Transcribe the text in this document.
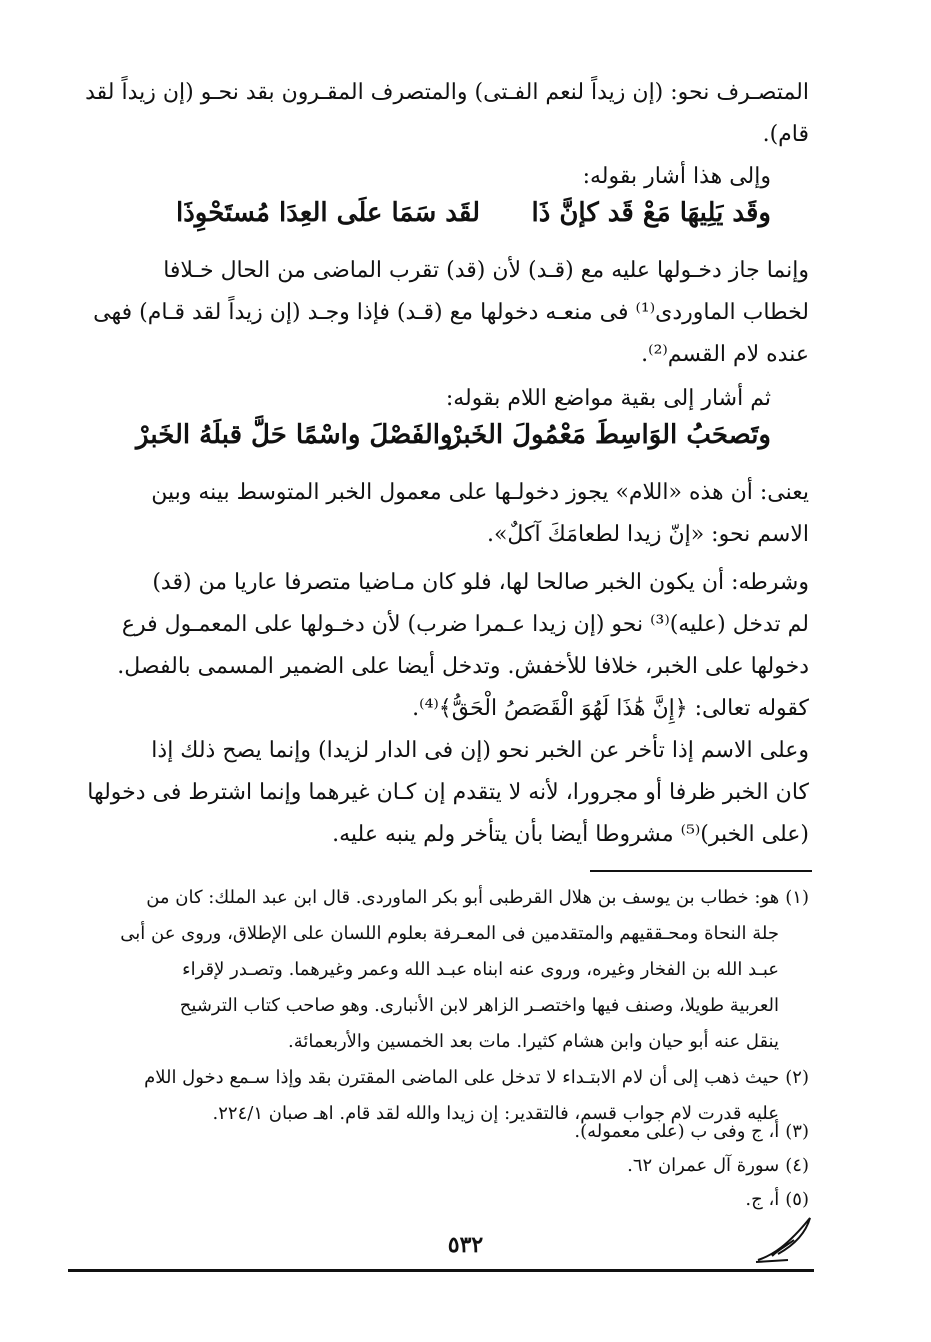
المتصـرف نحو: (إن زيداً لنعم الفـتى) والمتصرف المقـرون بقد نحـو (إن زيداً لقد
قام).
وإلى هذا أشار بقوله:
وقَد يَلِيهَا مَعْ قَد كإنَّ ذَا
لقَد سَمَا علَى العِدَا مُستَحْوِذَا
وإنما جاز دخـولها عليه مع (قـد) لأن (قد) تقرب الماضى من الحال خـلافا
لخطاب الماوردى⁽¹⁾ فى منعـه دخولها مع (قـد) فإذا وجـد (إن زيداً لقد قـام) فهى
عنده لام القسم⁽²⁾.
ثم أشار إلى بقية مواضع اللام بقوله:
وتَصحَبُ الوَاسِطَ مَعْمُولَ الخَبرْ
والفَصْلَ واسْمًا حَلَّ قبلَهُ الخَبرْ
يعنى: أن هذه «اللام» يجوز دخولـها على معمول الخبر المتوسط بينه وبين
الاسم نحو: «إنّ زيدا لطعامَكَ آكلٌ».
وشرطه: أن يكون الخبر صالحا لها، فلو كان مـاضيا متصرفا عاريا من (قد)
لم تدخل (عليه)⁽³⁾ نحو (إن زيدا عـمرا ضرب) لأن دخـولها على المعمـول فرع
دخولها على الخبر، خلافا للأخفش. وتدخل أيضا على الضمير المسمى بالفصل.
كقوله تعالى: ﴿إِنَّ هَٰذَا لَهُوَ الْقَصَصُ الْحَقُّ﴾⁽⁴⁾.
وعلى الاسم إذا تأخر عن الخبر نحو (إن فى الدار لزيدا) وإنما يصح ذلك إذا
كان الخبر ظرفا أو مجرورا، لأنه لا يتقدم إن كـان غيرهما وإنما اشترط فى دخولها
(على الخبر)⁽⁵⁾ مشروطا أيضا بأن يتأخر ولم ينبه عليه.
(١)هو: خطاب بن يوسف بن هلال القرطبى أبو بكر الماوردى. قال ابن عبد الملك: كان من
جلة النحاة ومحـققيهم والمتقدمين فى المعـرفة بعلوم اللسان على الإطلاق، وروى عن أبى
عبـد الله بن الفخار وغيره، وروى عنه ابناه عبـد الله وعمر وغيرهما. وتصـدر لإقراء
العربية طويلا، وصنف فيها واختصـر الزاهر لابن الأنبارى. وهو صاحب كتاب الترشيح
ينقل عنه أبو حيان وابن هشام كثيرا. مات بعد الخمسين والأربعمائة.
(٢)حيث ذهب إلى أن لام الابتـداء لا تدخل على الماضى المقترن بقد وإذا سـمع دخول اللام
عليه قدرت لام جواب قسم، فالتقدير: إن زيدا والله لقد قام. اهـ صبان ٢٢٤/١.
(٣)أ، ج وفى ب (على معموله).
(٤)سورة آل عمران ٦٢.
(٥)أ، ج.
٥٣٢
